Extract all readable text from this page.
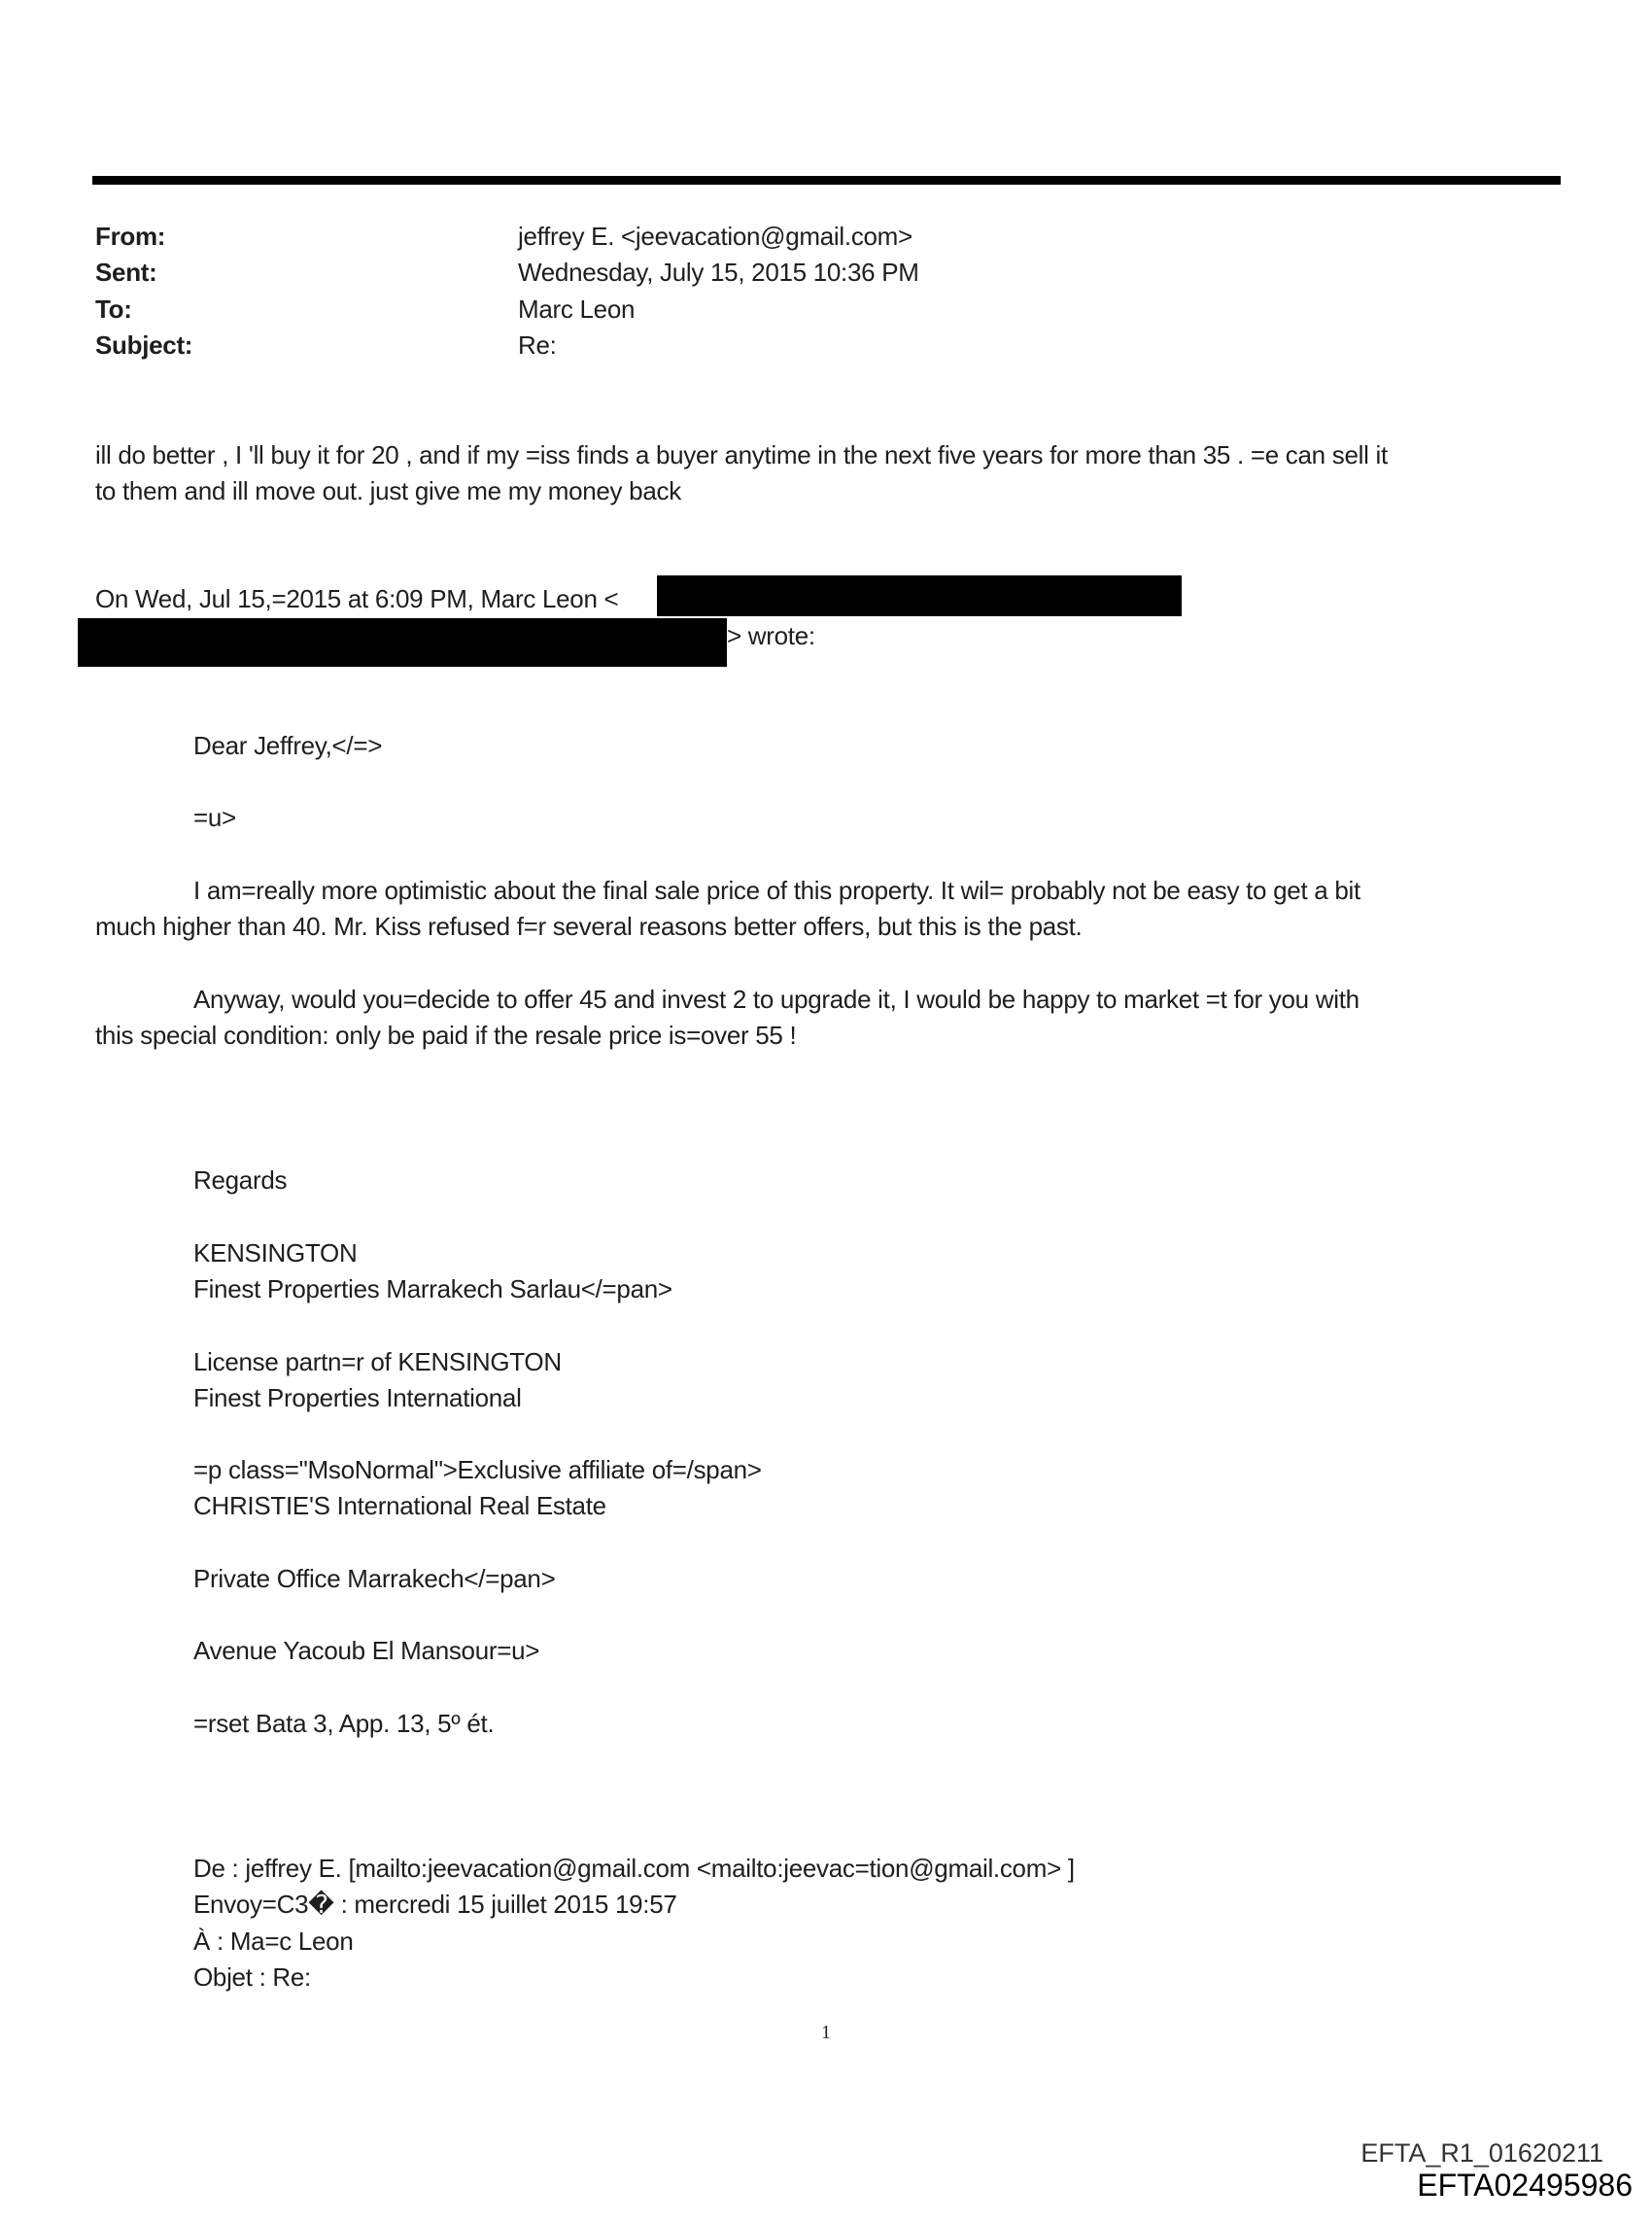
From:	jeffrey E. <jeevacation@gmail.com>
Sent:	Wednesday, July 15, 2015 10:36 PM
To:	Marc Leon
Subject:	Re:
ill do better , I 'll buy it for 20 , and if my =iss finds a buyer anytime in the next five years for more than 35 . =e can sell it
to them and ill move out. just give me my money back
On Wed, Jul 15,=2015 at 6:09 PM, Marc Leon <
> wrote:
Dear Jeffrey,</=>
=u>
I am=really more optimistic about the final sale price of this property. It wil= probably not be easy to get a bit
much higher than 40. Mr. Kiss refused f=r several reasons better offers, but this is the past.
Anyway, would you=decide to offer 45 and invest 2 to upgrade it, I would be happy to market =t for you with
this special condition: only be paid if the resale price is=over 55 !
Regards
KENSINGTON
Finest Properties Marrakech Sarlau</=pan>
License partn=r of KENSINGTON
Finest Properties International
=p class="MsoNormal">Exclusive affiliate of=/span>
CHRISTIE'S International Real Estate
Private Office Marrakech</=pan>
Avenue Yacoub El Mansour=u>
=rset Bata 3, App. 13, 5º ét.
De : jeffrey E. [mailto:jeevacation@gmail.com <mailto:jeevac=tion@gmail.com> ]
Envoy=C3� : mercredi 15 juillet 2015 19:57
À : Ma=c Leon
Objet : Re:
1
EFTA_R1_01620211
EFTA02495986
